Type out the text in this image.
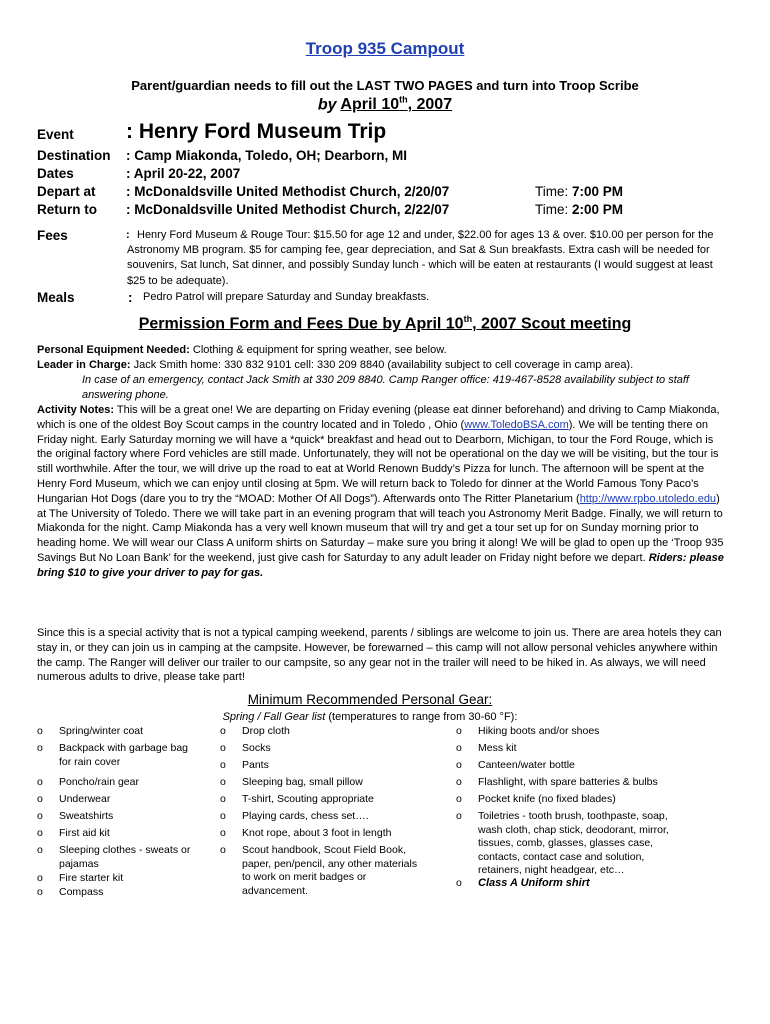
Troop 935 Campout
Parent/guardian needs to fill out the LAST TWO PAGES and turn into Troop Scribe
by April 10th, 2007
Event : Henry Ford Museum Trip
Destination : Camp Miakonda, Toledo, OH; Dearborn, MI
Dates	: April 20-22, 2007
Depart at : McDonaldsville United Methodist Church, 2/20/07	Time: 7:00 PM
Return to : McDonaldsville United Methodist Church, 2/22/07	Time: 2:00 PM
Fees	: Henry Ford Museum & Rouge Tour: $15.50 for age 12 and under, $22.00 for ages 13 & over. $10.00 per person for the Astronomy MB program. $5 for camping fee, gear depreciation, and Sat & Sun breakfasts. Extra cash will be needed for souvenirs, Sat lunch, Sat dinner, and possibly Sunday lunch - which will be eaten at restaurants (I would suggest at least $25 to be adequate).
Meals	: Pedro Patrol will prepare Saturday and Sunday breakfasts.
Permission Form and Fees Due by April 10th, 2007 Scout meeting
Personal Equipment Needed: Clothing & equipment for spring weather, see below.
Leader in Charge: Jack Smith home: 330 832 9101 cell: 330 209 8840 (availability subject to cell coverage in camp area).
In case of an emergency, contact Jack Smith at 330 209 8840. Camp Ranger office: 419-467-8528 availability subject to staff answering phone.

Activity Notes: This will be a great one! We are departing on Friday evening (please eat dinner beforehand) and driving to Camp Miakonda, which is one of the oldest Boy Scout camps in the country located and in Toledo , Ohio (www.ToledoBSA.com). We will be tenting there on Friday night. Early Saturday morning we will have a *quick* breakfast and head out to Dearborn, Michigan, to tour the Ford Rouge, which is the original factory where Ford vehicles are still made. Unfortunately, they will not be operational on the day we will be visiting, but the tour is still worthwhile. After the tour, we will drive up the road to eat at World Renown Buddy’s Pizza for lunch. The afternoon will be spent at the Henry Ford Museum, which we can enjoy until closing at 5pm. We will return back to Toledo for dinner at the World Famous Tony Paco’s Hungarian Hot Dogs (dare you to try the “MOAD: Mother Of All Dogs”). Afterwards onto The Ritter Planetarium (http://www.rpbo.utoledo.edu) at The University of Toledo. There we will take part in an evening program that will teach you Astronomy Merit Badge. Finally, we will return to Miakonda for the night. Camp Miakonda has a very well known museum that will try and get a tour set up for on Sunday morning prior to heading home. We will wear our Class A uniform shirts on Saturday – make sure you bring it along! We will be glad to open up the ‘Troop 935 Savings But No Loan Bank’ for the weekend, just give cash for Saturday to any adult leader on Friday night before we depart. Riders: please bring $10 to give your driver to pay for gas.

Since this is a special activity that is not a typical camping weekend, parents / siblings are welcome to join us. There are area hotels they can stay in, or they can join us in camping at the campsite. However, be forewarned – this camp will not allow personal vehicles anywhere within the camp. The Ranger will deliver our trailer to our campsite, so any gear not in the trailer will need to be hiked in. As always, we will need numerous adults to drive, please take part!
Minimum Recommended Personal Gear:
Spring / Fall Gear list (temperatures to range from 30-60 °F):
o	Spring/winter coat
o	Backpack with garbage bag for rain cover
o	Poncho/rain gear
o	Underwear
o	Sweatshirts
o	First aid kit
o	Sleeping clothes - sweats or pajamas
o	Fire starter kit
o	Compass
o	Drop cloth
o	Socks
o	Pants
o	Sleeping bag, small pillow
o	T-shirt, Scouting appropriate
o	Playing cards, chess set….
o	Knot rope, about 3 foot in length
o	Scout handbook, Scout Field Book, paper, pen/pencil, any other materials to work on merit badges or advancement.
o	Hiking boots and/or shoes
o	Mess kit
o	Canteen/water bottle
o	Flashlight, with spare batteries & bulbs
o	Pocket knife (no fixed blades)
o	Toiletries - tooth brush, toothpaste, soap, wash cloth, chap stick, deodorant, mirror, tissues, comb, glasses, glasses case, contacts, contact case and solution, retainers, night headgear, etc…
o	Class A Uniform shirt
